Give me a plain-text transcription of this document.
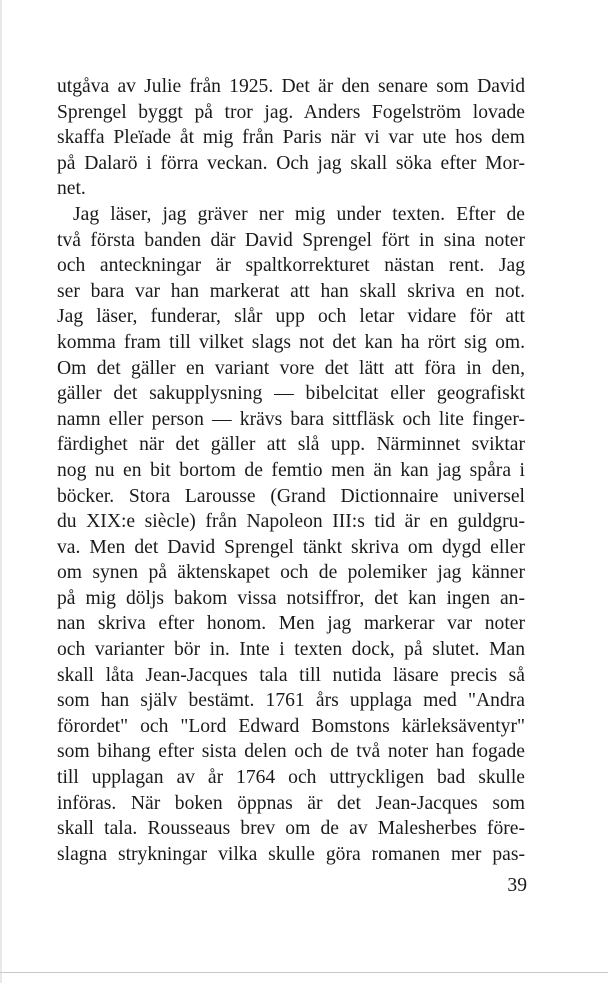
utgåva av Julie från 1925. Det är den senare som David
Sprengel byggt på tror jag. Anders Fogelström lovade
skaffa Pleïade åt mig från Paris när vi var ute hos dem
på Dalarö i förra veckan. Och jag skall söka efter Mor-
net.
Jag läser, jag gräver ner mig under texten. Efter de
två första banden där David Sprengel fört in sina noter
och anteckningar är spaltkorrekturet nästan rent. Jag
ser bara var han markerat att han skall skriva en not.
Jag läser, funderar, slår upp och letar vidare för att
komma fram till vilket slags not det kan ha rört sig om.
Om det gäller en variant vore det lätt att föra in den,
gäller det sakupplysning — bibelcitat eller geografiskt
namn eller person — krävs bara sittfläsk och lite finger-
färdighet när det gäller att slå upp. Närminnet sviktar
nog nu en bit bortom de femtio men än kan jag spåra i
böcker. Stora Larousse (Grand Dictionnaire universel
du XIX:e siècle) från Napoleon III:s tid är en guldgru-
va. Men det David Sprengel tänkt skriva om dygd eller
om synen på äktenskapet och de polemiker jag känner
på mig döljs bakom vissa notsiffror, det kan ingen an-
nan skriva efter honom. Men jag markerar var noter
och varianter bör in. Inte i texten dock, på slutet. Man
skall låta Jean-Jacques tala till nutida läsare precis så
som han själv bestämt. 1761 års upplaga med "Andra
förordet" och "Lord Edward Bomstons kärleksäventyr"
som bihang efter sista delen och de två noter han fogade
till upplagan av år 1764 och uttryckligen bad skulle
införas. När boken öppnas är det Jean-Jacques som
skall tala. Rousseaus brev om de av Malesherbes före-
slagna strykningar vilka skulle göra romanen mer pas-
39
